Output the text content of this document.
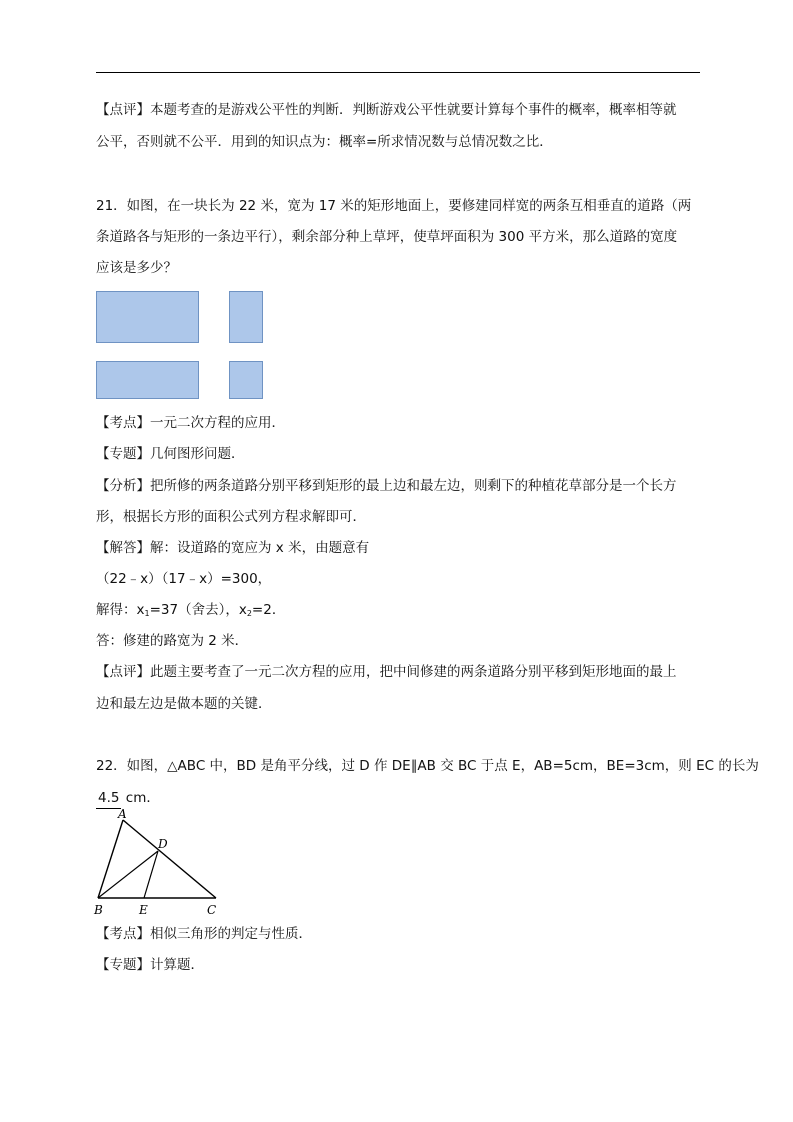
【点评】本题考查的是游戏公平性的判断．判断游戏公平性就要计算每个事件的概率，概率相等就
公平，否则就不公平．用到的知识点为：概率=所求情况数与总情况数之比．
21．如图，在一块长为 22 米，宽为 17 米的矩形地面上，要修建同样宽的两条互相垂直的道路（两
条道路各与矩形的一条边平行），剩余部分种上草坪，使草坪面积为 300 平方米，那么道路的宽度
应该是多少？
【考点】一元二次方程的应用．
【专题】几何图形问题．
【分析】把所修的两条道路分别平移到矩形的最上边和最左边，则剩下的种植花草部分是一个长方
形，根据长方形的面积公式列方程求解即可．
【解答】解：设道路的宽应为 x 米，由题意有
（22﹣x）（17﹣x）=300，
解得：$x_1=37$（舍去），$x_2=2$．
答：修建的路宽为 2 米．
【点评】此题主要考查了一元二次方程的应用，把中间修建的两条道路分别平移到矩形地面的最上
边和最左边是做本题的关键．
22．如图，△ABC 中，BD 是角平分线，过 D 作 DE∥AB 交 BC 于点 E，AB=5cm，BE=3cm，则 EC 的长为
4.5 cm．
A
D
B	E	C
【考点】相似三角形的判定与性质．
【专题】计算题．
